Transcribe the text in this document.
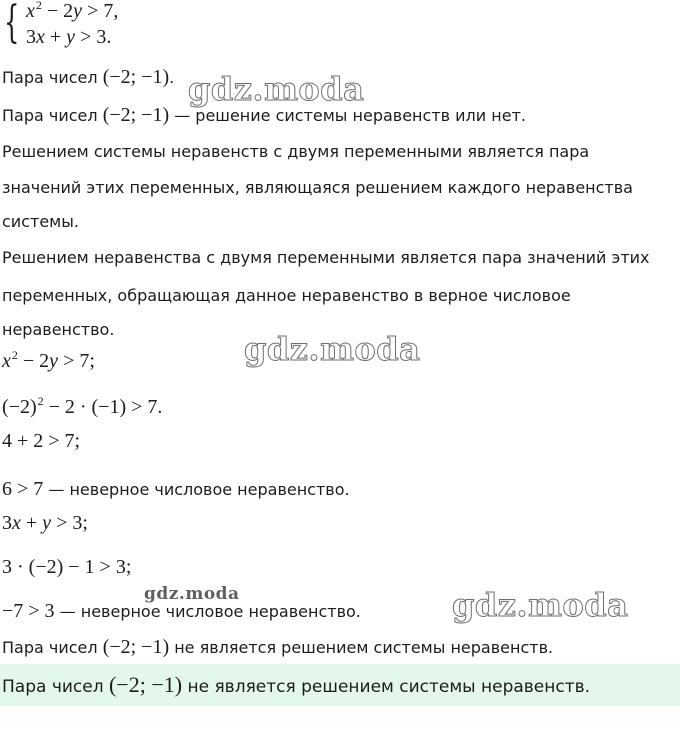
{ $x^2 - 2y > 7$,
3x + y > 3.
Пара чисел (−2; −1).
Пара чисел (−2; −1) — решение системы неравенств или нет.
Решением системы неравенств с двумя переменными является пара
значений этих переменных, являющаяся решением каждого неравенства
системы.
Решением неравенства с двумя переменными является пара значений этих
переменных, обращающая данное неравенство в верное числовое
неравенство.
$x^2 - 2y > 7$;
$(-2)^2 - 2 \cdot (-1) > 7$.
4 + 2 > 7;
6 > 7 — неверное числовое неравенство.
3x + y > 3;
3 · (−2) − 1 > 3;
−7 > 3 — неверное числовое неравенство.
Пара чисел (−2; −1) не является решением системы неравенств.
Пара чисел (−2; −1) не является решением системы неравенств.
gdz.moda
gdz.moda
gdz.moda	gdz.moda
